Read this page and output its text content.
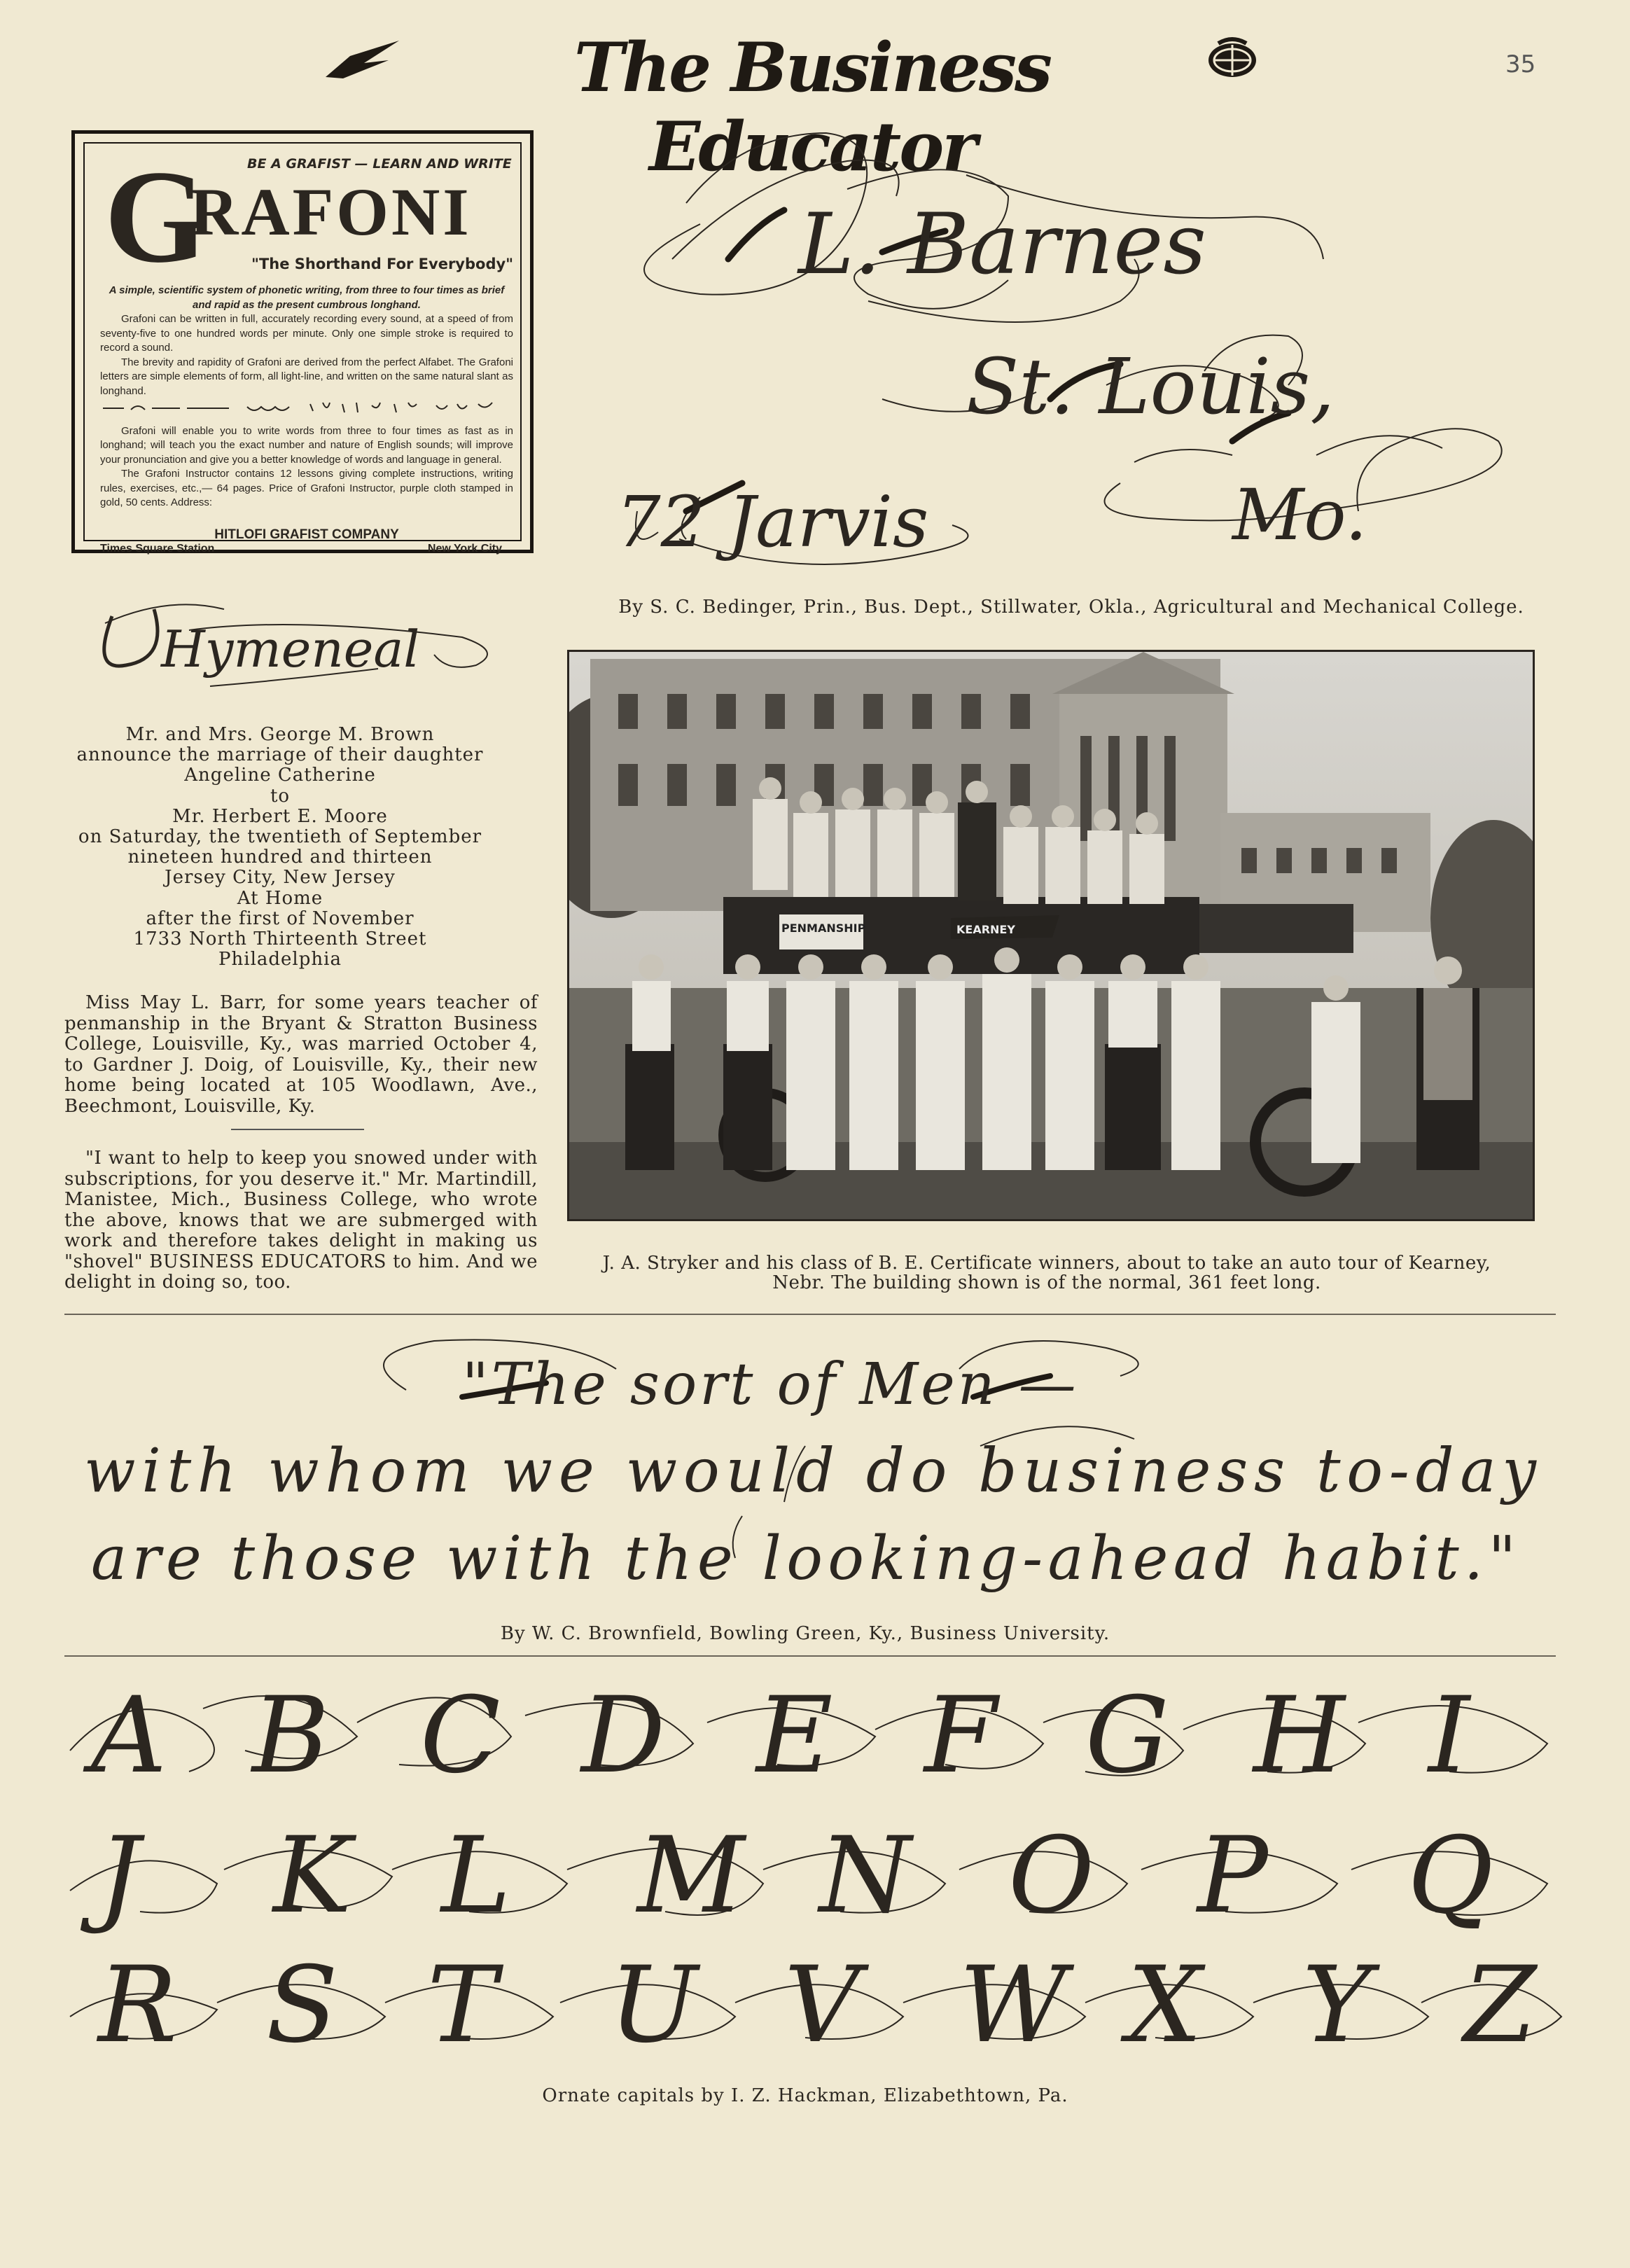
The Business Educator
35
BE A GRAFIST — LEARN AND WRITE
G
RAFONI
"The Shorthand For Everybody"

A simple, scientific system of phonetic writing, from three to four times as brief and rapid as the present cumbrous longhand.

Grafoni can be written in full, accurately recording every sound, at a speed of from seventy-five to one hundred words per minute. Only one simple stroke is required to record a sound.

The brevity and rapidity of Grafoni are derived from the perfect Alfabet. The Grafoni letters are simple elements of form, all light-line, and written on the same natural slant as longhand.

Grafoni will enable you to write words from three to four times as fast as in longhand; will teach you the exact number and nature of English sounds; will improve your pronunciation and give you a better knowledge of words and language in general.

The Grafoni Instructor contains 12 lessons giving complete instructions, writing rules, exercises, etc.,— 64 pages. Price of Grafoni Instructor, purple cloth stamped in gold, 50 cents. Address:

HITLOFI GRAFIST COMPANY
Times Square Station	New York City
Hymeneal
Mr. and Mrs. George M. Brown
announce the marriage of their daughter
Angeline Catherine
to
Mr. Herbert E. Moore
on Saturday, the twentieth of September
nineteen hundred and thirteen
Jersey City, New Jersey
At Home
after the first of November
1733 North Thirteenth Street
Philadelphia
Miss May L. Barr, for some years teacher of penmanship in the Bryant & Stratton Business College, Louisville, Ky., was married October 4, to Gardner J. Doig, of Louisville, Ky., their new home being located at 105 Woodlawn, Ave., Beechmont, Louisville, Ky.
"I want to help to keep you snowed under with subscriptions, for you deserve it." Mr. Martindill, Manistee, Mich., Business College, who wrote the above, knows that we are submerged with work and therefore takes delight in making us "shovel" BUSINESS EDUCATORS to him. And we delight in doing so, too.
L. Barnes
St. Louis,
72 Jarvis	Mo.
By S. C. Bedinger, Prin., Bus. Dept., Stillwater, Okla., Agricultural and Mechanical College.
PENMANSHIP	KEARNEY
J. A. Stryker and his class of B. E. Certificate winners, about to take an auto tour of Kearney,
Nebr. The building shown is of the normal, 361 feet long.
"The sort of Men —
with whom we would do business to-day
are those with the looking-ahead habit."
By W. C. Brownfield, Bowling Green, Ky., Business University.
A B C D E F G H I
J K L M N O P Q
R S T U V W X Y Z
Ornate capitals by I. Z. Hackman, Elizabethtown, Pa.
